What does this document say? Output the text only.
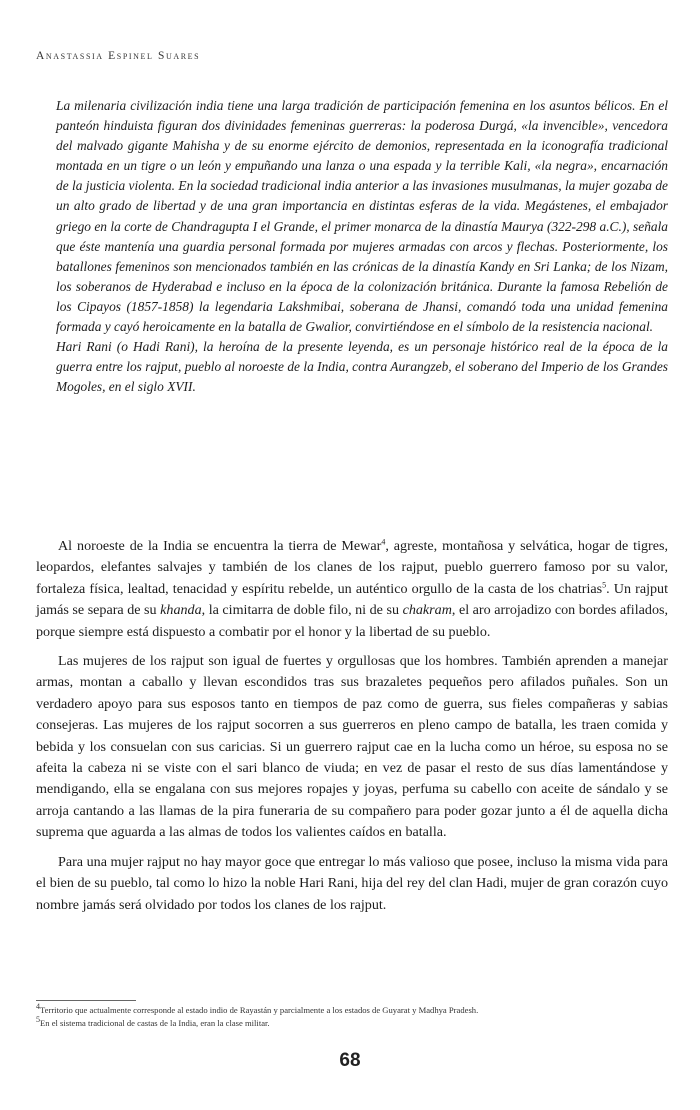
Anastassia Espinel Suares

La milenaria civilización india tiene una larga tradición de participación femenina en los asuntos bélicos. En el panteón hinduista figuran dos divinidades femeninas guerreras: la poderosa Durgá, «la invencible», vencedora del malvado gigante Mahisha y de su enorme ejército de demonios, representada en la iconografía tradicional montada en un tigre o un león y empuñando una lanza o una espada y la terrible Kali, «la negra», encarnación de la justicia violenta. En la sociedad tradicional india anterior a las invasiones musulmanas, la mujer gozaba de un alto grado de libertad y de una gran importancia en distintas esferas de la vida. Megástenes, el embajador griego en la corte de Chandragupta I el Grande, el primer monarca de la dinastía Maurya (322-298 a.C.), señala que éste mantenía una guardia personal formada por mujeres armadas con arcos y flechas. Posteriormente, los batallones femeninos son mencionados también en las crónicas de la dinastía Kandy en Sri Lanka; de los Nizam, los soberanos de Hyderabad e incluso en la época de la colonización británica. Durante la famosa Rebelión de los Cipayos (1857-1858) la legendaria Lakshmibai, soberana de Jhansi, comandó toda una unidad femenina formada y cayó heroicamente en la batalla de Gwalior, convirtiéndose en el símbolo de la resistencia nacional.

Hari Rani (o Hadi Rani), la heroína de la presente leyenda, es un personaje histórico real de la época de la guerra entre los rajput, pueblo al noroeste de la India, contra Aurangzeb, el soberano del Imperio de los Grandes Mogoles, en el siglo XVII.

Al noroeste de la India se encuentra la tierra de Mewar$^4$, agreste, montañosa y selvática, hogar de tigres, leopardos, elefantes salvajes y también de los clanes de los rajput, pueblo guerrero famoso por su valor, fortaleza física, lealtad, tenacidad y espíritu rebelde, un auténtico orgullo de la casta de los chatrias$^5$. Un rajput jamás se separa de su khanda, la cimitarra de doble filo, ni de su chakram, el aro arrojadizo con bordes afilados, porque siempre está dispuesto a combatir por el honor y la libertad de su pueblo.

Las mujeres de los rajput son igual de fuertes y orgullosas que los hombres. También aprenden a manejar armas, montan a caballo y llevan escondidos tras sus brazaletes pequeños pero afilados puñales. Son un verdadero apoyo para sus esposos tanto en tiempos de paz como de guerra, sus fieles compañeras y sabias consejeras. Las mujeres de los rajput socorren a sus guerreros en pleno campo de batalla, les traen comida y bebida y los consuelan con sus caricias. Si un guerrero rajput cae en la lucha como un héroe, su esposa no se afeita la cabeza ni se viste con el sari blanco de viuda; en vez de pasar el resto de sus días lamentándose y mendigando, ella se engalana con sus mejores ropajes y joyas, perfuma su cabello con aceite de sándalo y se arroja cantando a las llamas de la pira funeraria de su compañero para poder gozar junto a él de aquella dicha suprema que aguarda a las almas de todos los valientes caídos en batalla.

Para una mujer rajput no hay mayor goce que entregar lo más valioso que posee, incluso la misma vida para el bien de su pueblo, tal como lo hizo la noble Hari Rani, hija del rey del clan Hadi, mujer de gran corazón cuyo nombre jamás será olvidado por todos los clanes de los rajput.

$^4$Territorio que actualmente corresponde al estado indio de Rayastán y parcialmente a los estados de Guyarat y Madhya Pradesh.
$^5$En el sistema tradicional de castas de la India, eran la clase militar.
68
